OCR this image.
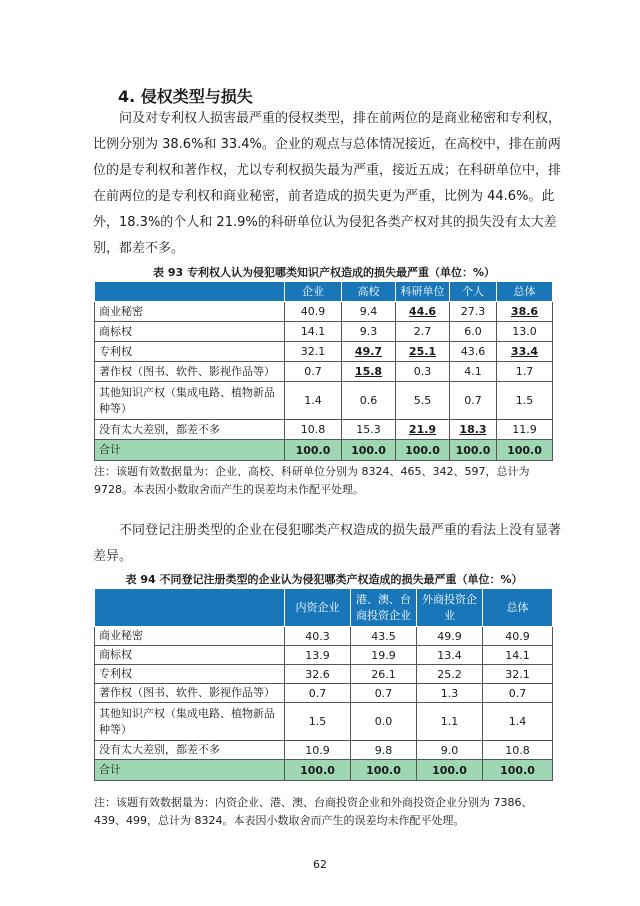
4. 侵权类型与损失

问及对专利权人损害最严重的侵权类型，排在前两位的是商业秘密和专利权，比例分别为 38.6%和 33.4%。企业的观点与总体情况接近，在高校中，排在前两位的是专利权和著作权，尤以专利权损失最为严重，接近五成；在科研单位中，排在前两位的是专利权和商业秘密，前者造成的损失更为严重，比例为 44.6%。此外，18.3%的个人和 21.9%的科研单位认为侵犯各类产权对其的损失没有太大差别，都差不多。

表 93 专利权人认为侵犯哪类知识产权造成的损失最严重（单位：%）
	企业	高校	科研单位	个人	总体
商业秘密	40.9	9.4	44.6	27.3	38.6
商标权	14.1	9.3	2.7	6.0	13.0
专利权	32.1	49.7	25.1	43.6	33.4
著作权（图书、软件、影视作品等）	0.7	15.8	0.3	4.1	1.7
其他知识产权（集成电路、植物新品种等）	1.4	0.6	5.5	0.7	1.5
没有太大差别，都差不多	10.8	15.3	21.9	18.3	11.9
合计	100.0	100.0	100.0	100.0	100.0
注：该题有效数据量为：企业、高校、科研单位分别为 8324、465、342、597，总计为 9728。本表因小数取舍而产生的误差均未作配平处理。

不同登记注册类型的企业在侵犯哪类产权造成的损失最严重的看法上没有显著差异。

表 94 不同登记注册类型的企业认为侵犯哪类产权造成的损失最严重（单位：%）
	内资企业	港、澳、台商投资企业	外商投资企业	总体
商业秘密	40.3	43.5	49.9	40.9
商标权	13.9	19.9	13.4	14.1
专利权	32.6	26.1	25.2	32.1
著作权（图书、软件、影视作品等）	0.7	0.7	1.3	0.7
其他知识产权（集成电路、植物新品种等）	1.5	0.0	1.1	1.4
没有太大差别，都差不多	10.9	9.8	9.0	10.8
合计	100.0	100.0	100.0	100.0
注：该题有效数据量为：内资企业、港、澳、台商投资企业和外商投资企业分别为 7386、439、499，总计为 8324。本表因小数取舍而产生的误差均未作配平处理。
62
